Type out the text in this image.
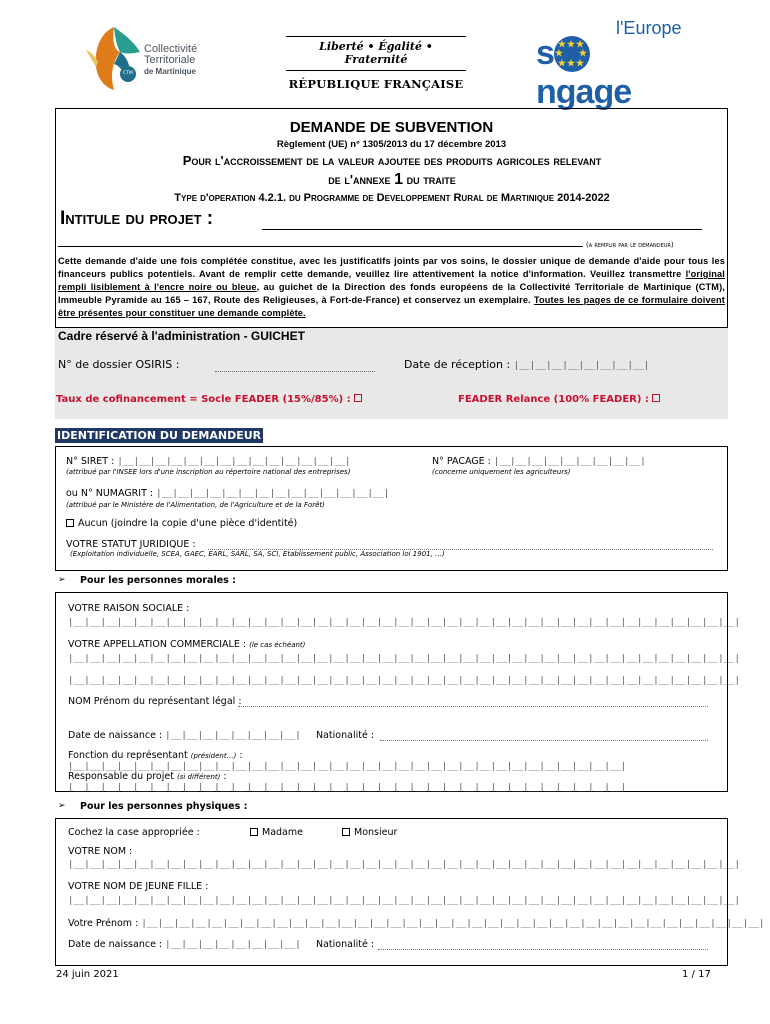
CTM
Collectivité
Territoriale
de Martinique
Liberté • Égalité • Fraternité
RÉPUBLIQUE FRANÇAISE
l'Europe
s ★★★
★★★
★ ★
ngage
DEMANDE DE SUBVENTION
Règlement (UE) n° 1305/2013 du 17 décembre 2013
Pour l'accroissement de la valeur ajoutee des produits agricoles relevant
de l'annexe 1 du traite
Type d'operation 4.2.1. du Programme de Developpement Rural de Martinique 2014-2022
Intitule du projet :
(a remplir par le demandeur)
Cette demande d'aide une fois complétée constitue, avec les justificatifs joints par vos soins, le dossier unique de demande d'aide pour tous les financeurs publics potentiels. Avant de remplir cette demande, veuillez lire attentivement la notice d'information. Veuillez transmettre l'original rempli lisiblement à l'encre noire ou bleue, au guichet de la Direction des fonds européens de la Collectivité Territoriale de Martinique (CTM), Immeuble Pyramide au 165 – 167, Route des Religieuses, à Fort-de-France) et conservez un exemplaire. Toutes les pages de ce formulaire doivent être présentes pour constituer une demande complète.
Cadre réservé à l'administration - GUICHET
N° de dossier OSIRIS :	Date de réception : |__|__|__|__|__|__|__|__|
Taux de cofinancement = Socle FEADER (15%/85%) :	FEADER Relance (100% FEADER) :
IDENTIFICATION DU DEMANDEUR
N° SIRET : |__|__|__|__|__|__|__|__|__|__|__|__|__|__|
(attribué par l'INSEE lors d'une inscription au répertoire national des entreprises)
N° PACAGE : |__|__|__|__|__|__|__|__|__|
(concerne uniquement les agriculteurs)
ou N° NUMAGRIT : |__|__|__|__|__|__|__|__|__|__|__|__|__|__|
(attribué par le Ministère de l'Alimentation, de l'Agriculture et de la Forêt)
Aucun (joindre la copie d'une pièce d'identité)
VOTRE STATUT JURIDIQUE :
(Exploitation individuelle, SCEA, GAEC, EARL, SARL, SA, SCI, Etablissement public, Association loi 1901, …)
➢ Pour les personnes morales :
VOTRE RAISON SOCIALE :
|__|__|__|__|__|__|__|__|__|__|__|__|__|__|__|__|__|__|__|__|__|__|__|__|__|__|__|__|__|__|__|__|__|__|__|__|__|__|__|__|__|
VOTRE APPELLATION COMMERCIALE : (le cas échéant)
|__|__|__|__|__|__|__|__|__|__|__|__|__|__|__|__|__|__|__|__|__|__|__|__|__|__|__|__|__|__|__|__|__|__|__|__|__|__|__|__|__|
|__|__|__|__|__|__|__|__|__|__|__|__|__|__|__|__|__|__|__|__|__|__|__|__|__|__|__|__|__|__|__|__|__|__|__|__|__|__|__|__|__|
NOM Prénom du représentant légal :
Date de naissance : |__|__|__|__|__|__|__|__| Nationalité :
Fonction du représentant (président…) : |__|__|__|__|__|__|__|__|__|__|__|__|__|__|__|__|__|__|__|__|__|__|__|__|__|__|__|__|__|__|__|__|__|__|
Responsable du projet (si différent) : |__|__|__|__|__|__|__|__|__|__|__|__|__|__|__|__|__|__|__|__|__|__|__|__|__|__|__|__|__|__|__|__|__|__|
➢ Pour les personnes physiques :
Cochez la case appropriée :	Madame	Monsieur
VOTRE NOM :
|__|__|__|__|__|__|__|__|__|__|__|__|__|__|__|__|__|__|__|__|__|__|__|__|__|__|__|__|__|__|__|__|__|__|__|__|__|__|__|__|__|
VOTRE NOM DE JEUNE FILLE :
|__|__|__|__|__|__|__|__|__|__|__|__|__|__|__|__|__|__|__|__|__|__|__|__|__|__|__|__|__|__|__|__|__|__|__|__|__|__|__|__|__|
Votre Prénom : |__|__|__|__|__|__|__|__|__|__|__|__|__|__|__|__|__|__|__|__|__|__|__|__|__|__|__|__|__|__|__|__|__|__|__|__|__|__|
Date de naissance : |__|__|__|__|__|__|__|__| Nationalité :
24 juin 2021	1 / 17
